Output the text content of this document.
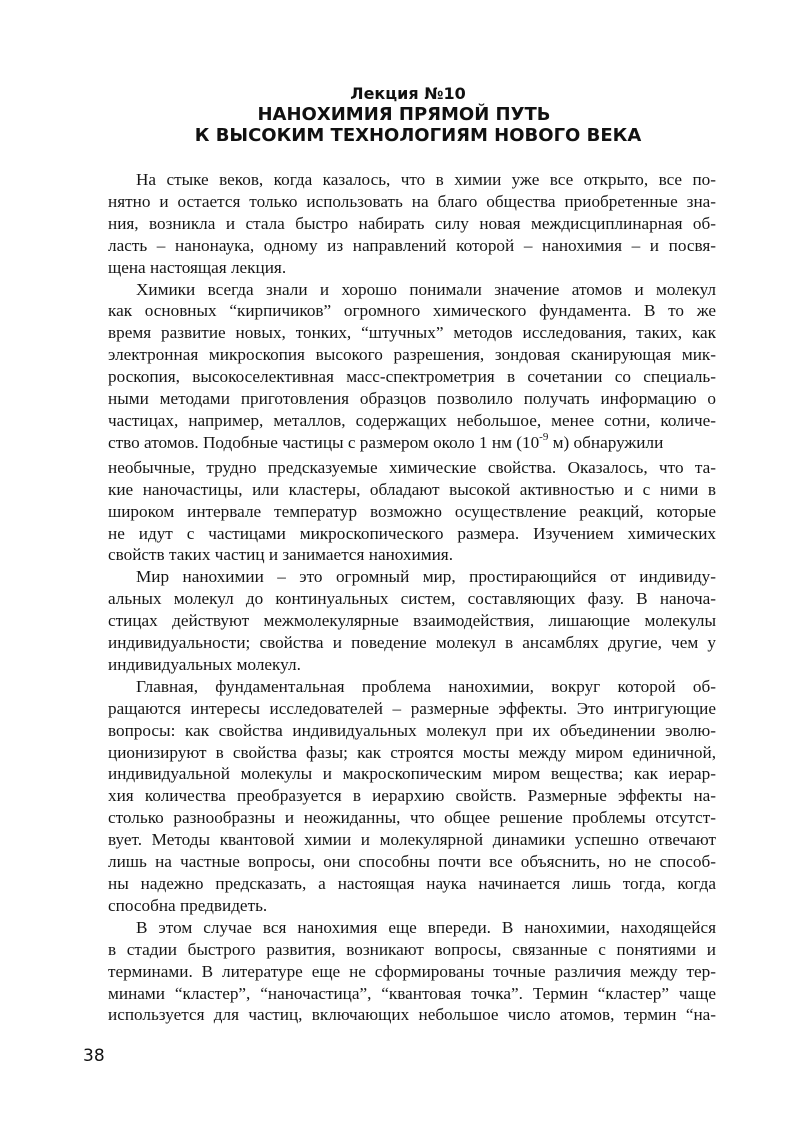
Лекция №10
НАНОХИМИЯ ПРЯМОЙ ПУТЬ
К ВЫСОКИМ ТЕХНОЛОГИЯМ НОВОГО ВЕКА
На стыке веков, когда казалось, что в химии уже все открыто, все по-
нятно и остается только использовать на благо общества приобретенные зна-
ния, возникла и стала быстро набирать силу новая междисциплинарная об-
ласть – нанонаука, одному из направлений которой – нанохимия – и посвя-
щена настоящая лекция.
Химики всегда знали и хорошо понимали значение атомов и молекул
как основных “кирпичиков” огромного химического фундамента. В то же
время развитие новых, тонких, “штучных” методов исследования, таких, как
электронная микроскопия высокого разрешения, зондовая сканирующая мик-
роскопия, высокоселективная масс-спектрометрия в сочетании со специаль-
ными методами приготовления образцов позволило получать информацию о
частицах, например, металлов, содержащих небольшое, менее сотни, количе-
ство атомов. Подобные частицы с размером около 1 нм ($10^{-9}$ м) обнаружили
необычные, трудно предсказуемые химические свойства. Оказалось, что та-
кие наночастицы, или кластеры, обладают высокой активностью и с ними в
широком интервале температур возможно осуществление реакций, которые
не идут с частицами микроскопического размера. Изучением химических
свойств таких частиц и занимается нанохимия.
Мир нанохимии – это огромный мир, простирающийся от индивиду-
альных молекул до континуальных систем, составляющих фазу. В наноча-
стицах действуют межмолекулярные взаимодействия, лишающие молекулы
индивидуальности; свойства и поведение молекул в ансамблях другие, чем у
индивидуальных молекул.
Главная, фундаментальная проблема нанохимии, вокруг которой об-
ращаются интересы исследователей – размерные эффекты. Это интригующие
вопросы: как свойства индивидуальных молекул при их объединении эволю-
ционизируют в свойства фазы; как строятся мосты между миром единичной,
индивидуальной молекулы и макроскопическим миром вещества; как иерар-
хия количества преобразуется в иерархию свойств. Размерные эффекты на-
столько разнообразны и неожиданны, что общее решение проблемы отсутст-
вует. Методы квантовой химии и молекулярной динамики успешно отвечают
лишь на частные вопросы, они способны почти все объяснить, но не способ-
ны надежно предсказать, а настоящая наука начинается лишь тогда, когда
способна предвидеть.
В этом случае вся нанохимия еще впереди. В нанохимии, находящейся
в стадии быстрого развития, возникают вопросы, связанные с понятиями и
терминами. В литературе еще не сформированы точные различия между тер-
минами “кластер”, “наночастица”, “квантовая точка”. Термин “кластер” чаще
используется для частиц, включающих небольшое число атомов, термин “на-
38
